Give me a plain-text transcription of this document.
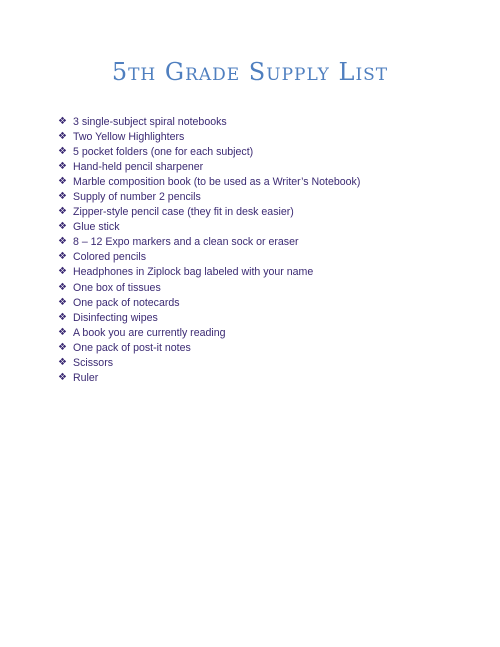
5th Grade Supply List
❖ 3 single-subject spiral notebooks
❖ Two Yellow Highlighters
❖ 5 pocket folders (one for each subject)
❖ Hand-held pencil sharpener
❖ Marble composition book (to be used as a Writer’s Notebook)
❖ Supply of number 2 pencils
❖ Zipper-style pencil case (they fit in desk easier)
❖ Glue stick
❖ 8 – 12 Expo markers and a clean sock or eraser
❖ Colored pencils
❖ Headphones in Ziplock bag labeled with your name
❖ One box of tissues
❖ One pack of notecards
❖ Disinfecting wipes
❖ A book you are currently reading
❖ One pack of post-it notes
❖ Scissors
❖ Ruler
